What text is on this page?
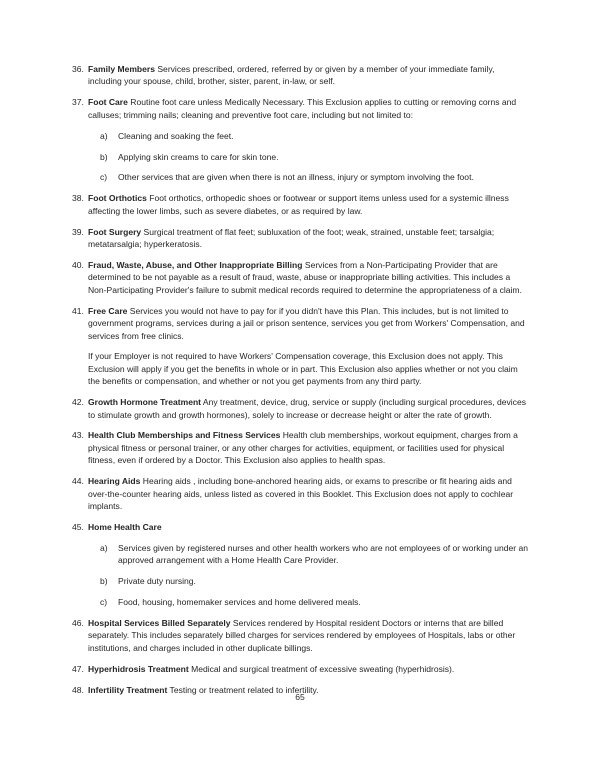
36. Family Members Services prescribed, ordered, referred by or given by a member of your immediate family, including your spouse, child, brother, sister, parent, in-law, or self.
37. Foot Care Routine foot care unless Medically Necessary. This Exclusion applies to cutting or removing corns and calluses; trimming nails; cleaning and preventive foot care, including but not limited to:
a)	Cleaning and soaking the feet.
b)	Applying skin creams to care for skin tone.
c)	Other services that are given when there is not an illness, injury or symptom involving the foot.
38. Foot Orthotics Foot orthotics, orthopedic shoes or footwear or support items unless used for a systemic illness affecting the lower limbs, such as severe diabetes, or as required by law.
39. Foot Surgery Surgical treatment of flat feet; subluxation of the foot; weak, strained, unstable feet; tarsalgia; metatarsalgia; hyperkeratosis.
40. Fraud, Waste, Abuse, and Other Inappropriate Billing Services from a Non-Participating Provider that are determined to be not payable as a result of fraud, waste, abuse or inappropriate billing activities. This includes a Non-Participating Provider's failure to submit medical records required to determine the appropriateness of a claim.
41. Free Care Services you would not have to pay for if you didn't have this Plan. This includes, but is not limited to government programs, services during a jail or prison sentence, services you get from Workers' Compensation, and services from free clinics.
If your Employer is not required to have Workers' Compensation coverage, this Exclusion does not apply. This Exclusion will apply if you get the benefits in whole or in part. This Exclusion also applies whether or not you claim the benefits or compensation, and whether or not you get payments from any third party.
42. Growth Hormone Treatment Any treatment, device, drug, service or supply (including surgical procedures, devices to stimulate growth and growth hormones), solely to increase or decrease height or alter the rate of growth.
43. Health Club Memberships and Fitness Services Health club memberships, workout equipment, charges from a physical fitness or personal trainer, or any other charges for activities, equipment, or facilities used for physical fitness, even if ordered by a Doctor. This Exclusion also applies to health spas.
44. Hearing Aids Hearing aids , including bone-anchored hearing aids, or exams to prescribe or fit hearing aids and over-the-counter hearing aids, unless listed as covered in this Booklet. This Exclusion does not apply to cochlear implants.
45. Home Health Care
a)	Services given by registered nurses and other health workers who are not employees of or working under an approved arrangement with a Home Health Care Provider.
b)	Private duty nursing.
c)	Food, housing, homemaker services and home delivered meals.
46. Hospital Services Billed Separately Services rendered by Hospital resident Doctors or interns that are billed separately. This includes separately billed charges for services rendered by employees of Hospitals, labs or other institutions, and charges included in other duplicate billings.
47. Hyperhidrosis Treatment Medical and surgical treatment of excessive sweating (hyperhidrosis).
48. Infertility Treatment Testing or treatment related to infertility.
65
